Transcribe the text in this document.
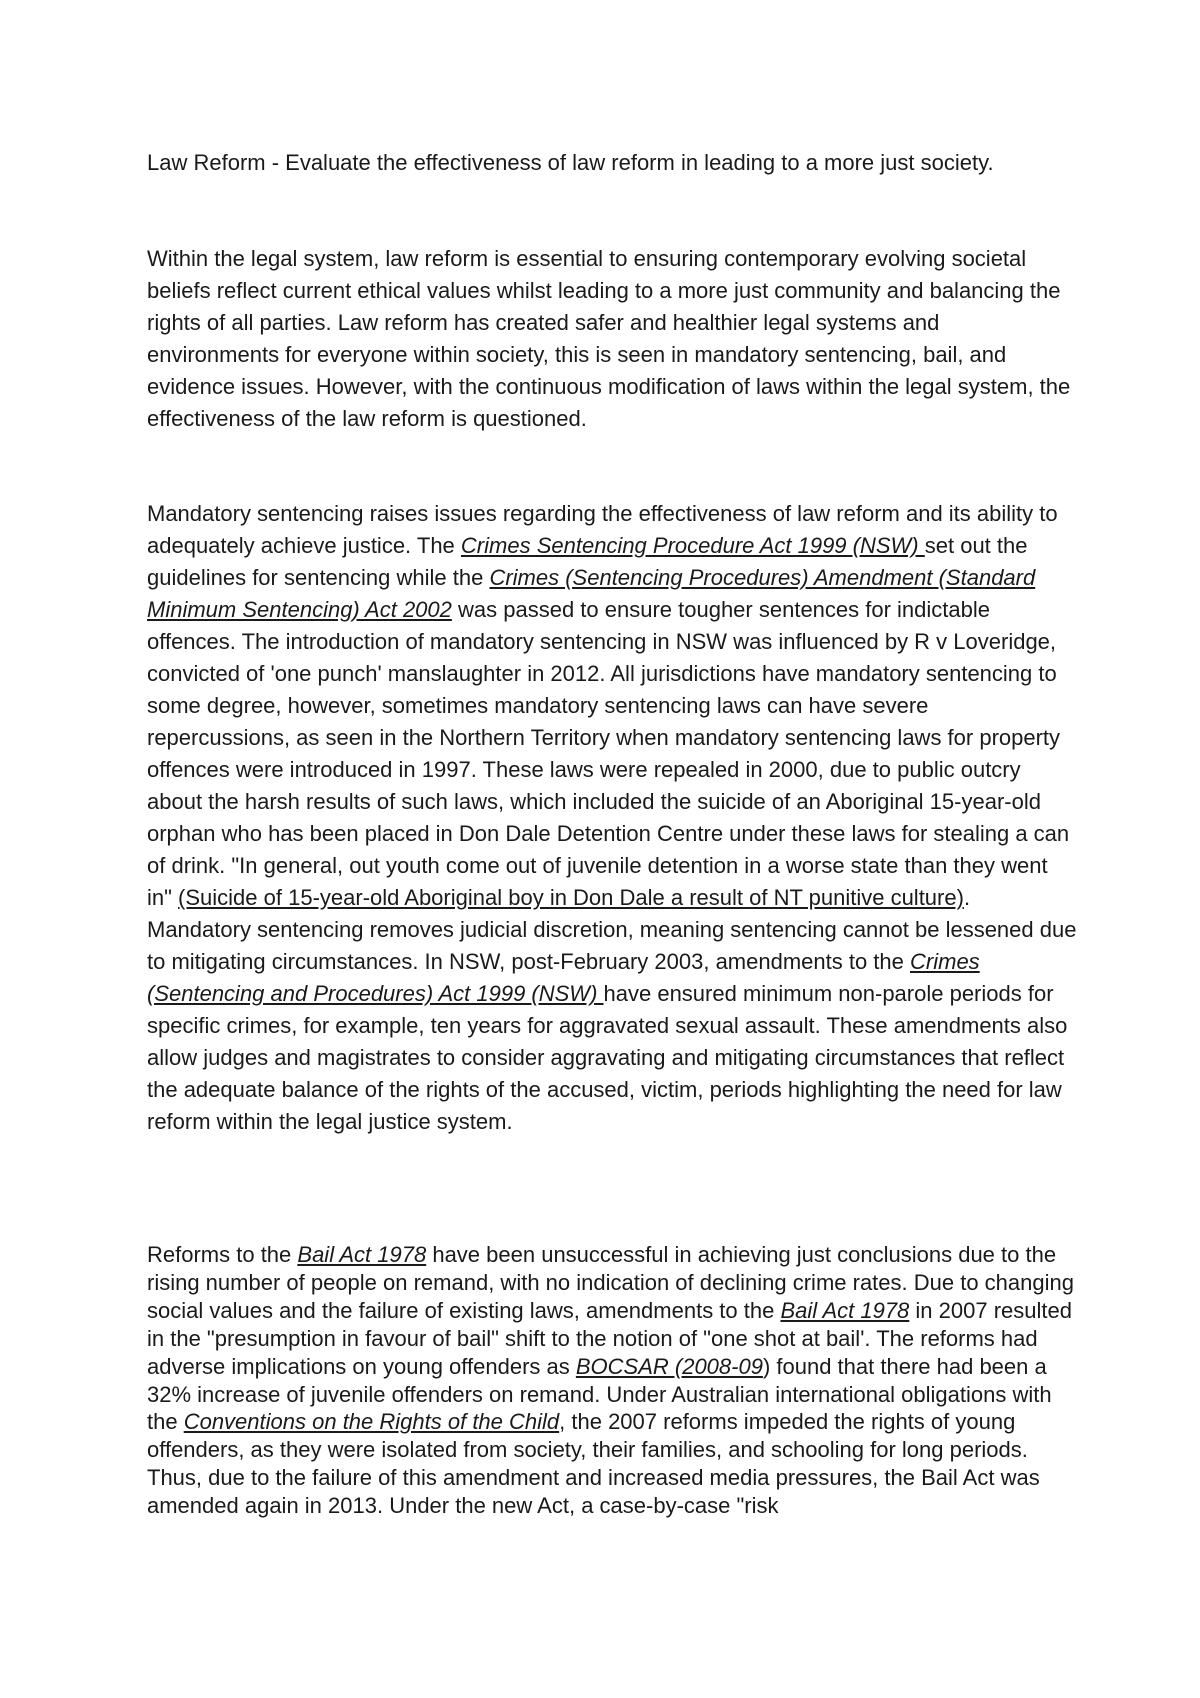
Law Reform - Evaluate the effectiveness of law reform in leading to a more just society.

Within the legal system, law reform is essential to ensuring contemporary evolving societal beliefs reflect current ethical values whilst leading to a more just community and balancing the rights of all parties. Law reform has created safer and healthier legal systems and environments for everyone within society, this is seen in mandatory sentencing, bail, and evidence issues. However, with the continuous modification of laws within the legal system, the effectiveness of the law reform is questioned.

Mandatory sentencing raises issues regarding the effectiveness of law reform and its ability to adequately achieve justice. The Crimes Sentencing Procedure Act 1999 (NSW) set out the guidelines for sentencing while the Crimes (Sentencing Procedures) Amendment (Standard Minimum Sentencing) Act 2002 was passed to ensure tougher sentences for indictable offences. The introduction of mandatory sentencing in NSW was influenced by R v Loveridge, convicted of 'one punch' manslaughter in 2012. All jurisdictions have mandatory sentencing to some degree, however, sometimes mandatory sentencing laws can have severe repercussions, as seen in the Northern Territory when mandatory sentencing laws for property offences were introduced in 1997. These laws were repealed in 2000, due to public outcry about the harsh results of such laws, which included the suicide of an Aboriginal 15-year-old orphan who has been placed in Don Dale Detention Centre under these laws for stealing a can of drink. "In general, out youth come out of juvenile detention in a worse state than they went in" (Suicide of 15-year-old Aboriginal boy in Don Dale a result of NT punitive culture). Mandatory sentencing removes judicial discretion, meaning sentencing cannot be lessened due to mitigating circumstances. In NSW, post-February 2003, amendments to the Crimes (Sentencing and Procedures) Act 1999 (NSW) have ensured minimum non-parole periods for specific crimes, for example, ten years for aggravated sexual assault. These amendments also allow judges and magistrates to consider aggravating and mitigating circumstances that reflect the adequate balance of the rights of the accused, victim, periods highlighting the need for law reform within the legal justice system.

Reforms to the Bail Act 1978 have been unsuccessful in achieving just conclusions due to the rising number of people on remand, with no indication of declining crime rates. Due to changing social values and the failure of existing laws, amendments to the Bail Act 1978 in 2007 resulted in the "presumption in favour of bail" shift to the notion of "one shot at bail'. The reforms had adverse implications on young offenders as BOCSAR (2008-09) found that there had been a 32% increase of juvenile offenders on remand. Under Australian international obligations with the Conventions on the Rights of the Child, the 2007 reforms impeded the rights of young offenders, as they were isolated from society, their families, and schooling for long periods. Thus, due to the failure of this amendment and increased media pressures, the Bail Act was amended again in 2013. Under the new Act, a case-by-case "risk
